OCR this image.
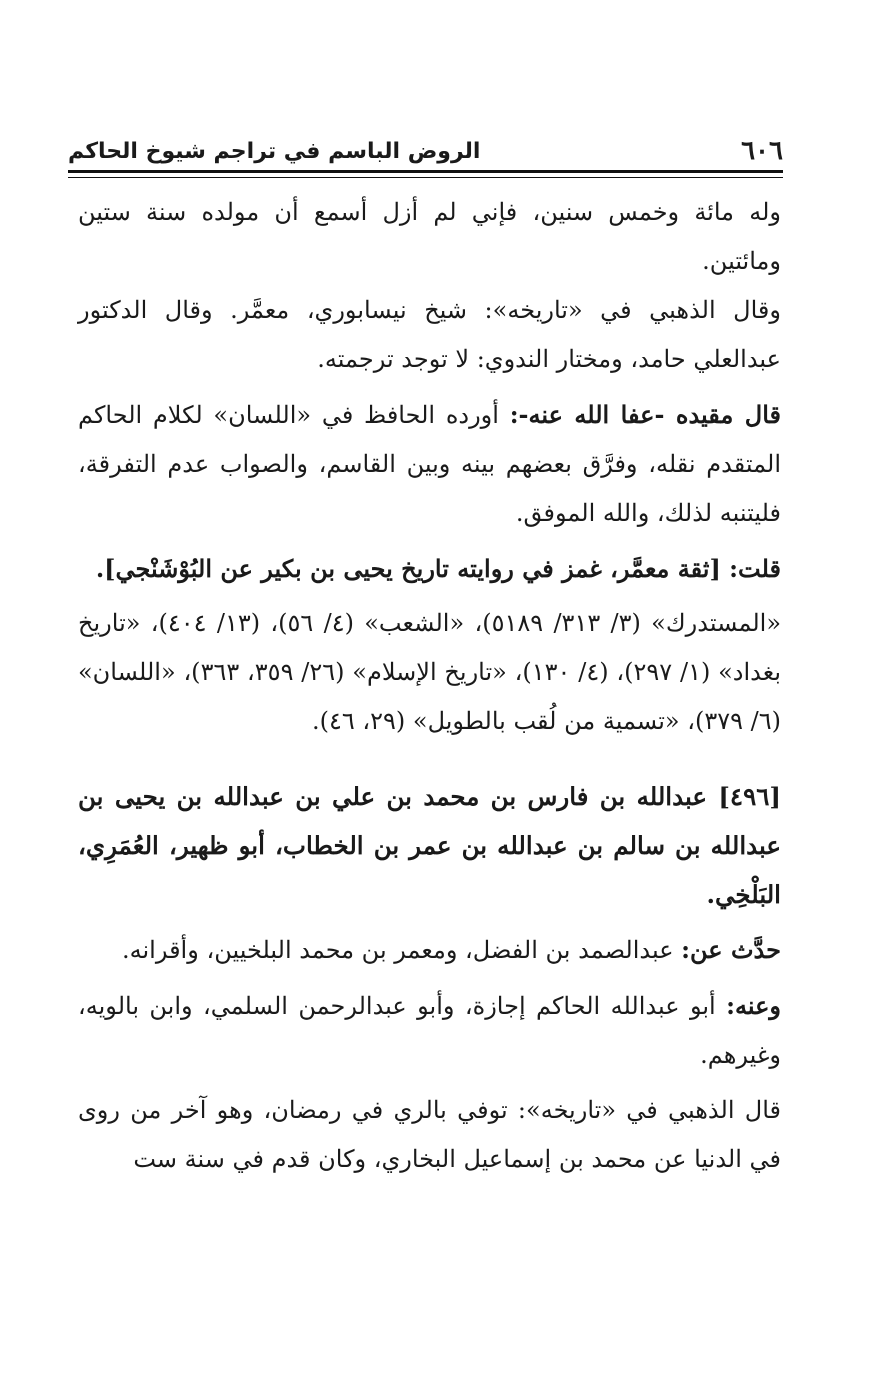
٦٠٦
الروض الباسم في تراجم شيوخ الحاكم

وله مائة وخمس سنين، فإني لم أزل أسمع أن مولده سنة ستين ومائتين.

وقال الذهبي في «تاريخه»: شيخ نيسابوري، معمَّر. وقال الدكتور عبدالعلي حامد، ومختار الندوي: لا توجد ترجمته.

قال مقيده -عفا الله عنه-: أورده الحافظ في «اللسان» لكلام الحاكم المتقدم نقله، وفرَّق بعضهم بينه وبين القاسم، والصواب عدم التفرقة، فليتنبه لذلك، والله الموفق.

قلت: [ثقة معمَّر، غمز في روايته تاريخ يحيى بن بكير عن البُوْشَنْجي].

«المستدرك» (٣/ ٣١٣/ ٥١٨٩)، «الشعب» (٤/ ٥٦)، (١٣/ ٤٠٤)، «تاريخ بغداد» (١/ ٢٩٧)، (٤/ ١٣٠)، «تاريخ الإسلام» (٢٦/ ٣٥٩، ٣٦٣)، «اللسان» (٦/ ٣٧٩)، «تسمية من لُقب بالطويل» (٢٩، ٤٦).

[٤٩٦] عبدالله بن فارس بن محمد بن علي بن عبدالله بن يحيى بن عبدالله بن سالم بن عبدالله بن عمر بن الخطاب، أبو ظهير، العُمَرِي، البَلْخِي.

حدَّث عن: عبدالصمد بن الفضل، ومعمر بن محمد البلخيين، وأقرانه.

وعنه: أبو عبدالله الحاكم إجازة، وأبو عبدالرحمن السلمي، وابن بالويه، وغيرهم.

قال الذهبي في «تاريخه»: توفي بالري في رمضان، وهو آخر من روى في الدنيا عن محمد بن إسماعيل البخاري، وكان قدم في سنة ست
